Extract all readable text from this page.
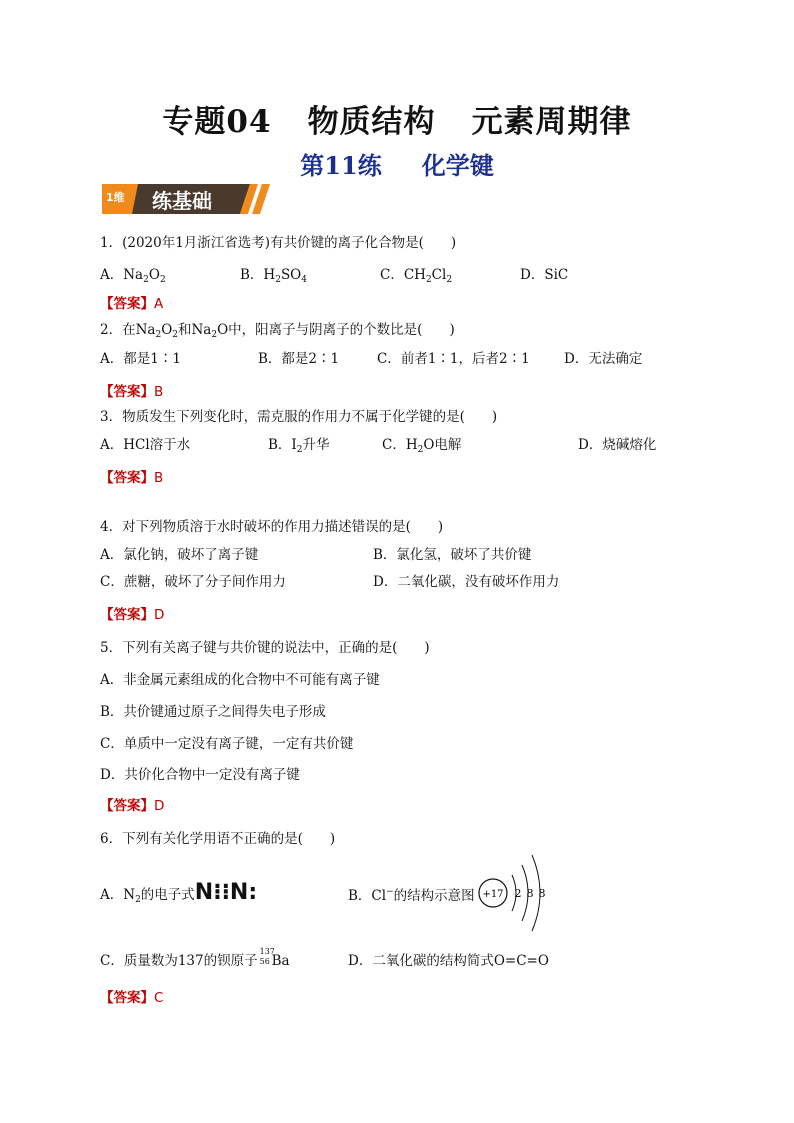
专题04 物质结构 元素周期律
第11练 化学键
1维 练基础
1．(2020年1月浙江省选考)有共价键的离子化合物是(　　)
A．$Na_2O_2$	B．$H_2SO_4$	C．$CH_2Cl_2$	D．SiC
【答案】A
2．在$Na_2O_2$和$Na_2O$中，阳离子与阴离子的个数比是(　　)
A．都是1∶1	B．都是2∶1	C．前者1∶1，后者2∶1	D．无法确定
【答案】B
3．物质发生下列变化时，需克服的作用力不属于化学键的是(　　)
A．HCl溶于水	B．$I_2$升华	C．$H_2O$电解	D．烧碱熔化
【答案】B
4．对下列物质溶于水时破坏的作用力描述错误的是(　　)
A．氯化钠，破坏了离子键	B．氯化氢，破坏了共价键
C．蔗糖，破坏了分子间作用力	D．二氧化碳，没有破坏作用力
【答案】D
5．下列有关离子键与共价键的说法中，正确的是(　　)
A．非金属元素组成的化合物中不可能有离子键
B．共价键通过原子之间得失电子形成
C．单质中一定没有离子键，一定有共价键
D．共价化合物中一定没有离子键
【答案】D
6．下列有关化学用语不正确的是(　　)
A．$N_2$的电子式N⁝⁝N:	B．Cl−的结构示意图 +17 2 8 8
C．质量数为137的钡原子
137
56 Ba	D．二氧化碳的结构简式O=C=O
【答案】C
